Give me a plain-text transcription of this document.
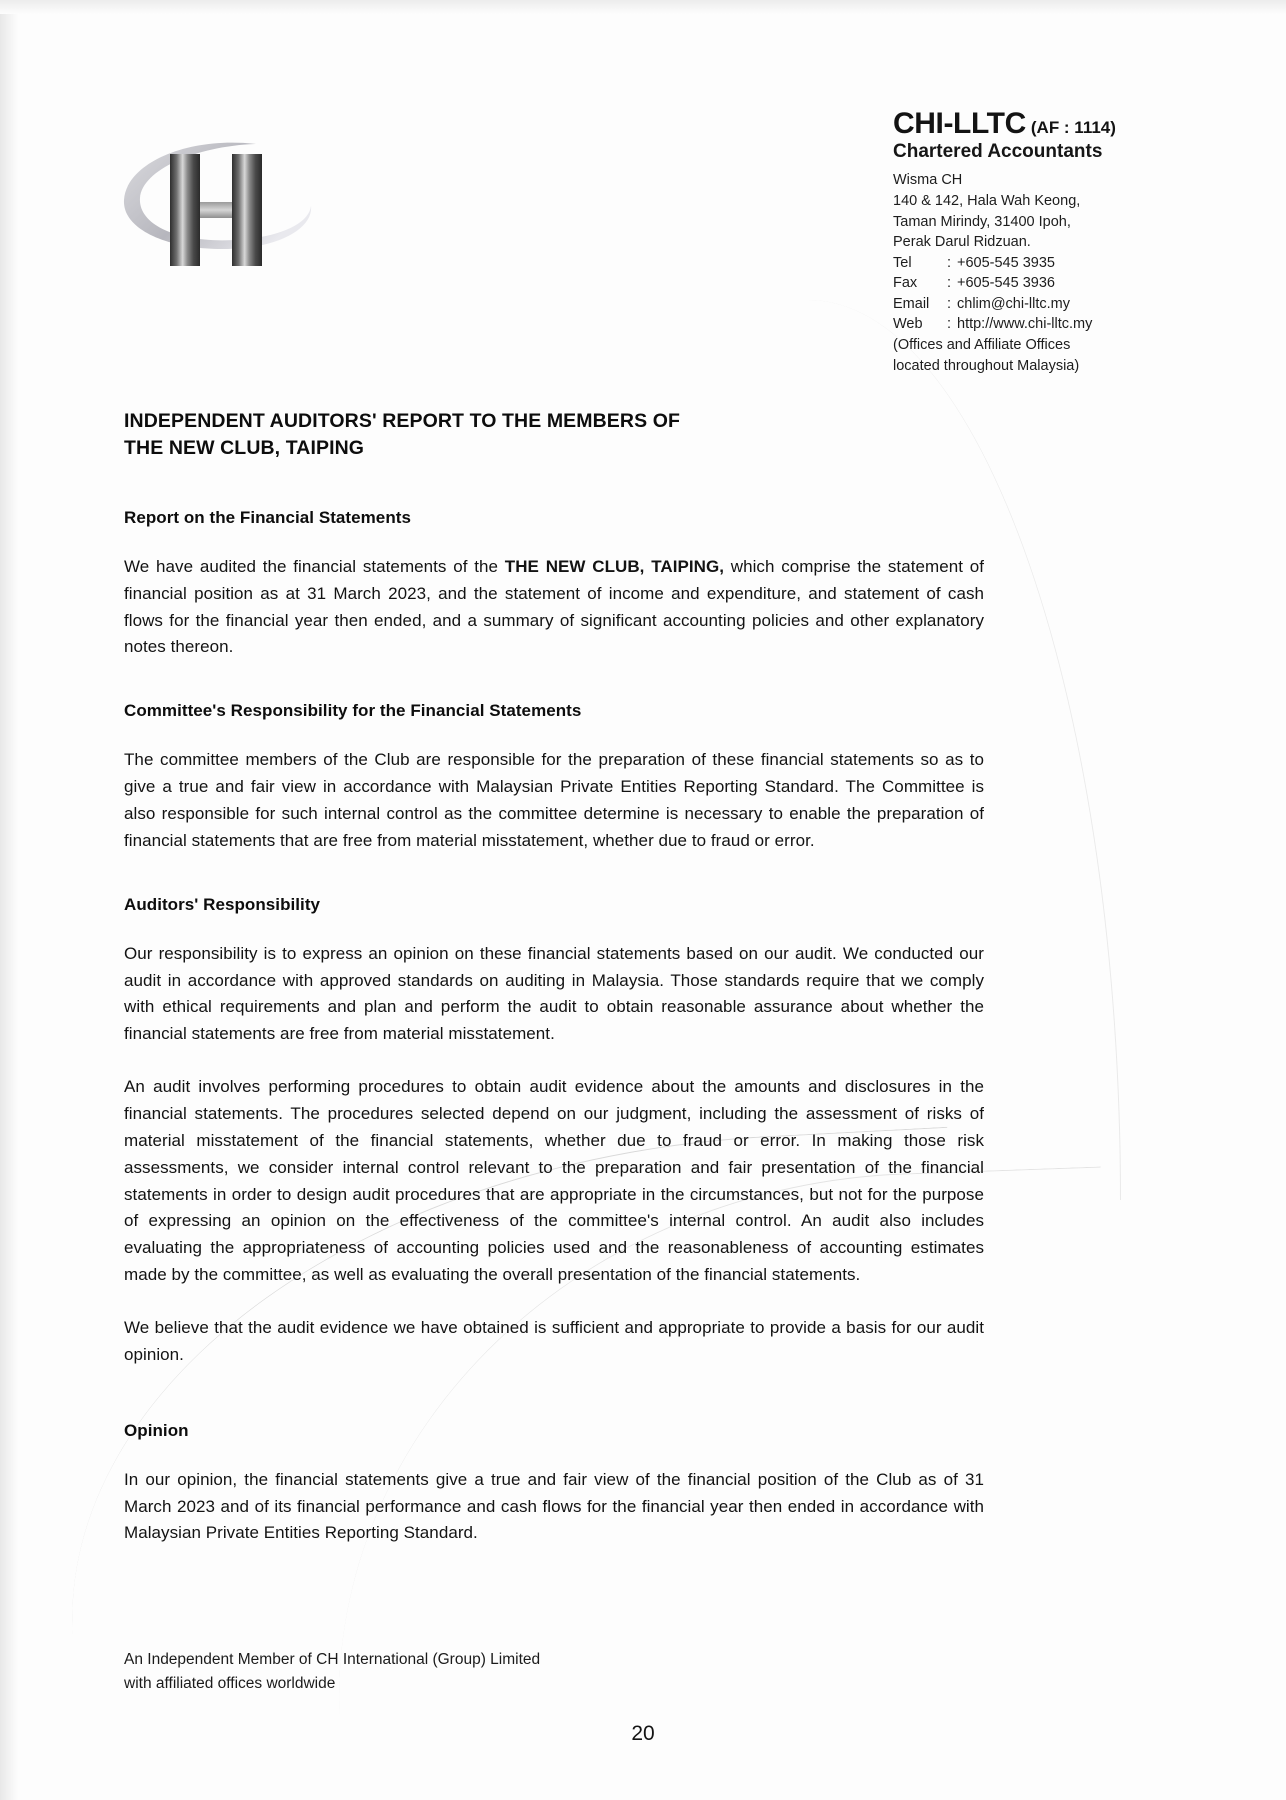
CHI-LLTC (AF : 1114)
Chartered Accountants
Wisma CH
140 & 142, Hala Wah Keong,
Taman Mirindy, 31400 Ipoh,
Perak Darul Ridzuan.
Tel : +605-545 3935
Fax : +605-545 3936
Email : chlim@chi-lltc.my
Web : http://www.chi-lltc.my
(Offices and Affiliate Offices
located throughout Malaysia)
INDEPENDENT AUDITORS' REPORT TO THE MEMBERS OF
THE NEW CLUB, TAIPING
Report on the Financial Statements

We have audited the financial statements of the THE NEW CLUB, TAIPING, which comprise the statement of financial position as at 31 March 2023, and the statement of income and expenditure, and statement of cash flows for the financial year then ended, and a summary of significant accounting policies and other explanatory notes thereon.

Committee's Responsibility for the Financial Statements

The committee members of the Club are responsible for the preparation of these financial statements so as to give a true and fair view in accordance with Malaysian Private Entities Reporting Standard. The Committee is also responsible for such internal control as the committee determine is necessary to enable the preparation of financial statements that are free from material misstatement, whether due to fraud or error.

Auditors' Responsibility

Our responsibility is to express an opinion on these financial statements based on our audit. We conducted our audit in accordance with approved standards on auditing in Malaysia. Those standards require that we comply with ethical requirements and plan and perform the audit to obtain reasonable assurance about whether the financial statements are free from material misstatement.

An audit involves performing procedures to obtain audit evidence about the amounts and disclosures in the financial statements. The procedures selected depend on our judgment, including the assessment of risks of material misstatement of the financial statements, whether due to fraud or error. In making those risk assessments, we consider internal control relevant to the preparation and fair presentation of the financial statements in order to design audit procedures that are appropriate in the circumstances, but not for the purpose of expressing an opinion on the effectiveness of the committee's internal control. An audit also includes evaluating the appropriateness of accounting policies used and the reasonableness of accounting estimates made by the committee, as well as evaluating the overall presentation of the financial statements.

We believe that the audit evidence we have obtained is sufficient and appropriate to provide a basis for our audit opinion.

Opinion

In our opinion, the financial statements give a true and fair view of the financial position of the Club as of 31 March 2023 and of its financial performance and cash flows for the financial year then ended in accordance with Malaysian Private Entities Reporting Standard.

An Independent Member of CH International (Group) Limited
with affiliated offices worldwide
20
